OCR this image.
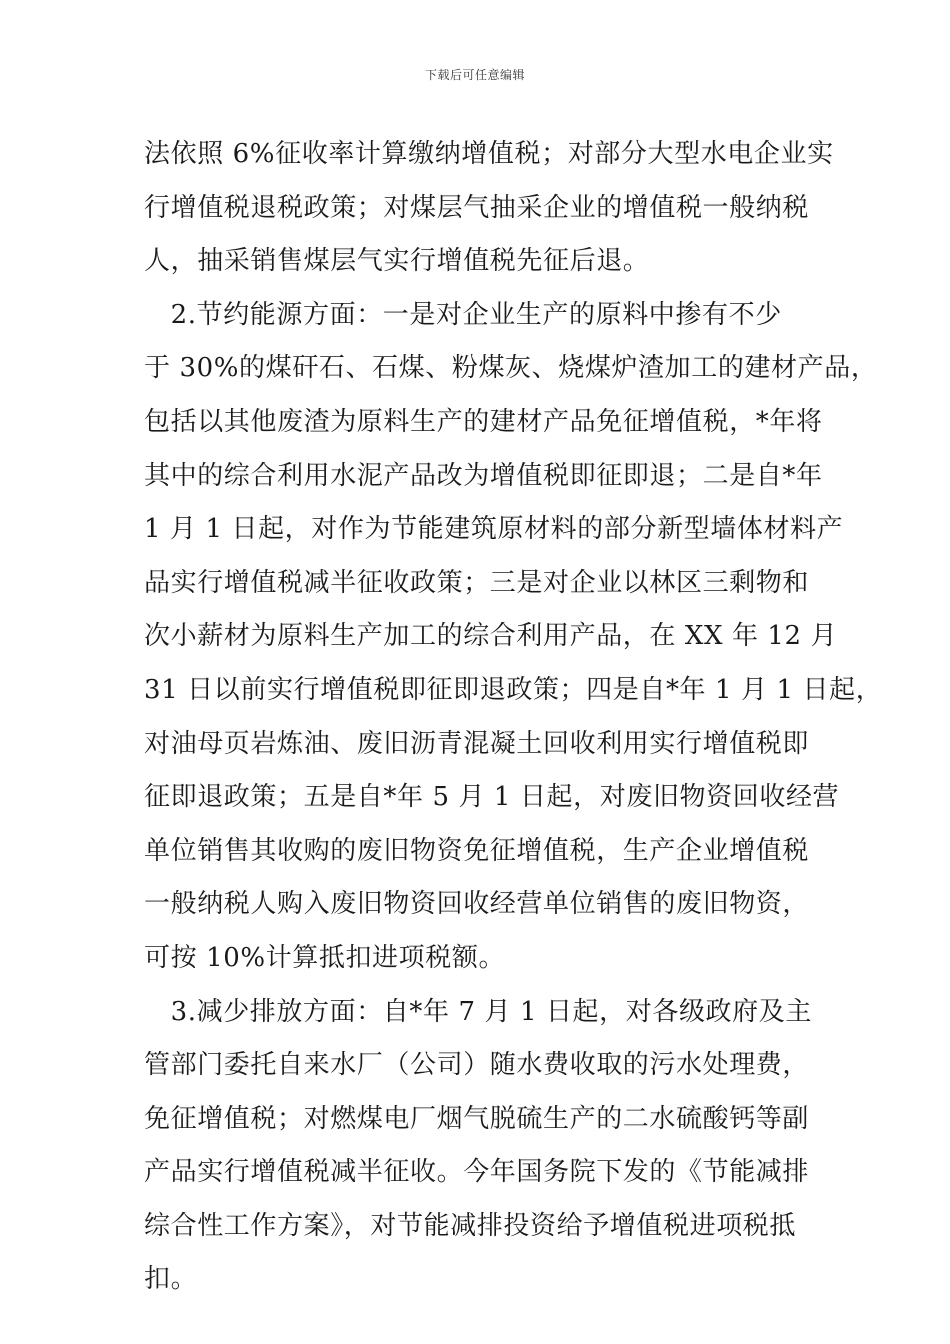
下载后可任意编辑
法依照 6%征收率计算缴纳增值税；对部分大型水电企业实
行增值税退税政策；对煤层气抽采企业的增值税一般纳税
人，抽采销售煤层气实行增值税先征后退。
　2.节约能源方面：一是对企业生产的原料中掺有不少
于 30%的煤矸石、石煤、粉煤灰、烧煤炉渣加工的建材产品，
包括以其他废渣为原料生产的建材产品免征增值税，*年将
其中的综合利用水泥产品改为增值税即征即退；二是自*年
1 月 1 日起，对作为节能建筑原材料的部分新型墙体材料产
品实行增值税减半征收政策；三是对企业以林区三剩物和
次小薪材为原料生产加工的综合利用产品，在 XX 年 12 月
31 日以前实行增值税即征即退政策；四是自*年 1 月 1 日起，
对油母页岩炼油、废旧沥青混凝土回收利用实行增值税即
征即退政策；五是自*年 5 月 1 日起，对废旧物资回收经营
单位销售其收购的废旧物资免征增值税，生产企业增值税
一般纳税人购入废旧物资回收经营单位销售的废旧物资，
可按 10%计算抵扣进项税额。
　3.减少排放方面：自*年 7 月 1 日起，对各级政府及主
管部门委托自来水厂（公司）随水费收取的污水处理费，
免征增值税；对燃煤电厂烟气脱硫生产的二水硫酸钙等副
产品实行增值税减半征收。今年国务院下发的《节能减排
综合性工作方案》，对节能减排投资给予增值税进项税抵
扣。
